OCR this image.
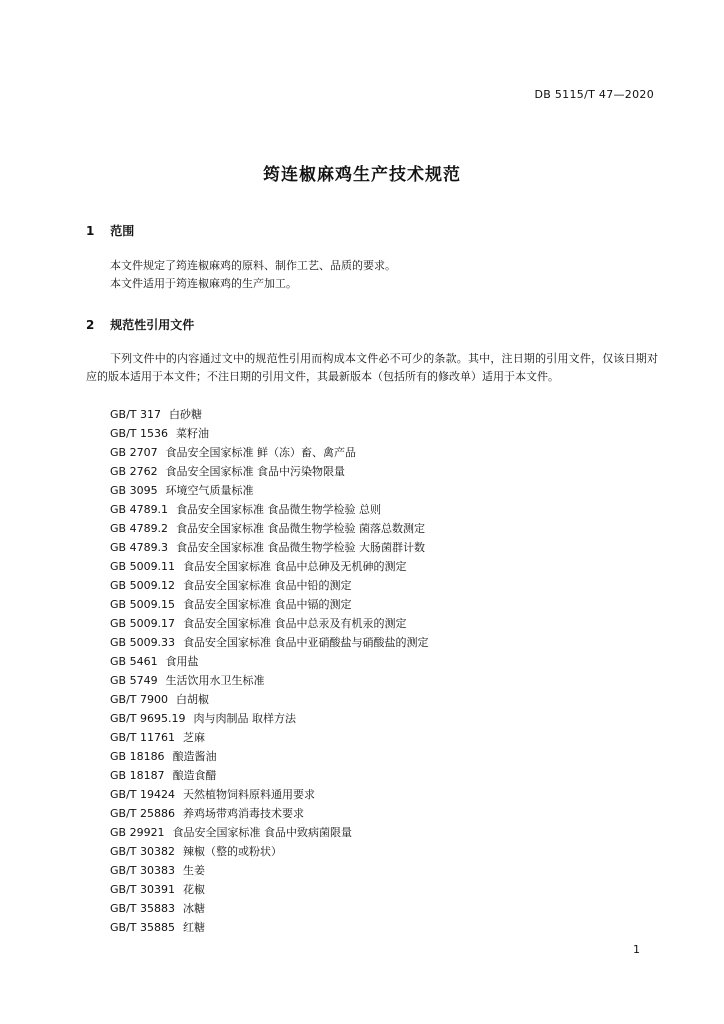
DB 5115/T 47—2020
筠连椒麻鸡生产技术规范
1 范围
本文件规定了筠连椒麻鸡的原料、制作工艺、品质的要求。
本文件适用于筠连椒麻鸡的生产加工。
2 规范性引用文件
下列文件中的内容通过文中的规范性引用而构成本文件必不可少的条款。其中，注日期的引用文件，仅该日期对应的版本适用于本文件；不注日期的引用文件，其最新版本（包括所有的修改单）适用于本文件。
GB/T 317 白砂糖
GB/T 1536 菜籽油
GB 2707 食品安全国家标准 鲜（冻）畜、禽产品
GB 2762 食品安全国家标准 食品中污染物限量
GB 3095 环境空气质量标准
GB 4789.1 食品安全国家标准 食品微生物学检验 总则
GB 4789.2 食品安全国家标准 食品微生物学检验 菌落总数测定
GB 4789.3 食品安全国家标准 食品微生物学检验 大肠菌群计数
GB 5009.11 食品安全国家标准 食品中总砷及无机砷的测定
GB 5009.12 食品安全国家标准 食品中铅的测定
GB 5009.15 食品安全国家标准 食品中镉的测定
GB 5009.17 食品安全国家标准 食品中总汞及有机汞的测定
GB 5009.33 食品安全国家标准 食品中亚硝酸盐与硝酸盐的测定
GB 5461 食用盐
GB 5749 生活饮用水卫生标准
GB/T 7900 白胡椒
GB/T 9695.19 肉与肉制品 取样方法
GB/T 11761 芝麻
GB 18186 酿造酱油
GB 18187 酿造食醋
GB/T 19424 天然植物饲料原料通用要求
GB/T 25886 养鸡场带鸡消毒技术要求
GB 29921 食品安全国家标准 食品中致病菌限量
GB/T 30382 辣椒（整的或粉状）
GB/T 30383 生姜
GB/T 30391 花椒
GB/T 35883 冰糖
GB/T 35885 红糖
1
